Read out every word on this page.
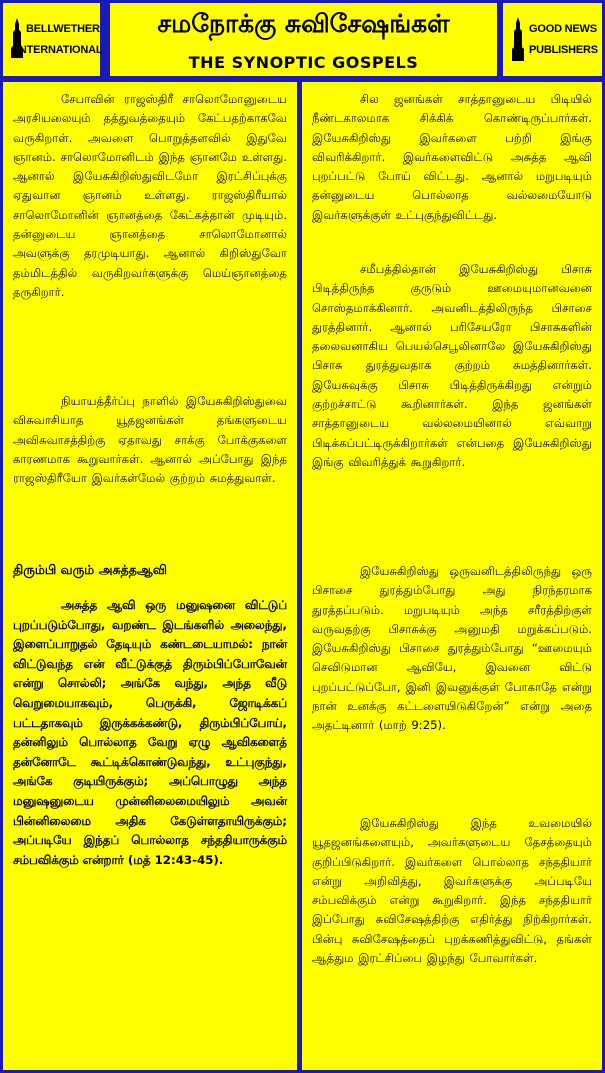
BELLWETHER
INTERNATIONAL
சமநோக்கு சுவிசேஷங்கள்
THE SYNOPTIC GOSPELS
GOOD NEWS
PUBLISHERS

சேபாவின் ராஜஸ்திரீ சாலொமோனுடைய அரசியலையும் தத்துவத்தையும் கேட்பதற்காகவே வருகிறாள். அவளை பொறுத்தளவில் இதுவே ஞானம். சாலொமோனிடம் இந்த ஞானமே உள்ளது. ஆனால் இயேசுகிறிஸ்துவிடமோ இரட்சிப்புக்கு ஏதுவான ஞானம் உள்ளது. ராஜஸ்திரீயால் சாலொமோனின் ஞானத்தை கேட்கத்தான் முடியும். தன்னுடைய ஞானத்தை சாலொமோனால் அவளுக்கு தரமுடியாது. ஆனால் கிறிஸ்துவோ தம்மிடத்தில் வருகிறவர்களுக்கு மெய்ஞானத்தை தருகிறார்.

நியாயத்தீர்ப்பு நாளில் இயேசுகிறிஸ்துவை விசுவாசியாத யூதஜனங்கள் தங்களுடைய அவிசுவாசத்திற்கு ஏதாவது சாக்கு போக்குகளை காரணமாக கூறுவார்கள். ஆனால் அப்போது இந்த ராஜஸ்திரீயோ இவர்கள்மேல் குற்றம் சுமத்துவாள்.

திரும்பி வரும் அசுத்தஆவி

அசுத்த ஆவி ஒரு மனுஷனை விட்டுப் புறப்படும்போது, வறண்ட இடங்களில் அலைந்து, இளைப்பாறுதல் தேடியும் கண்டடையாமல்: நான் விட்டுவந்த என் வீட்டுக்குத் திரும்பிப்போவேன் என்று சொல்லி; அங்கே வந்து, அந்த வீடு வெறுமையாகவும், பெருக்கி, ஜோடிக்கப் பட்டதாகவும் இருக்கக்கண்டு, திரும்பிப்போய், தன்னிலும் பொல்லாத வேறு ஏழு ஆவிகளைத் தன்னோடே கூட்டிக்கொண்டுவந்து, உட்புகுந்து, அங்கே குடியிருக்கும்; அப்பொழுது அந்த மனுஷனுடைய முன்னிலைமையிலும் அவன் பின்னிலைமை அதிக கேடுள்ளதாயிருக்கும்; அப்படியே இந்தப் பொல்லாத சந்ததியாருக்கும் சம்பவிக்கும் என்றார் (மத் 12:43-45).

சில ஜனங்கள் சாத்தானுடைய பிடியில் நீண்டகாலமாக சிக்கிக் கொண்டிருப்பார்கள். இயேசுகிறிஸ்து இவர்களை பற்றி இங்கு விவரிக்கிறார். இவர்களைவிட்டு அசுத்த ஆவி புறப்பட்டு போய் விட்டது. ஆனால் மறுபடியும் தன்னுடைய பொல்லாத வல்லமையோடு இவர்களுக்குள் உட்புகுந்துவிட்டது.

சமீபத்தில்தான் இயேசுகிறிஸ்து பிசாசு பிடித்திருந்த குருடும் ஊமையுமானவனை சொஸ்தமாக்கினார். அவனிடத்திலிருந்த பிசாசை துரத்தினார். ஆனால் பரிசேயரோ பிசாசுகளின் தலைவனாகிய பெயல்செபூலினாலே இயேசுகிறிஸ்து பிசாசு துரத்துவதாக குற்றம் சுமத்தினார்கள். இயேசுவுக்கு பிசாசு பிடித்திருக்கிறது என்றும் குற்றச்சாட்டு கூறினார்கள். இந்த ஜனங்கள் சாத்தானுடைய வல்லமையினால் எவ்வாறு பிடிக்கப்பட்டிருக்கிறார்கள் என்பதை இயேசுகிறிஸ்து இங்கு விவரித்துக் கூறுகிறார்.

இயேசுகிறிஸ்து ஒருவனிடத்திலிருந்து ஒரு பிசாசை துரத்தும்போது அது நிரந்தரமாக துரத்தப்படும். மறுபடியும் அந்த சரீரத்திற்குள் வருவதற்கு பிசாசுக்கு அனுமதி மறுக்கப்படும். இயேசுகிறிஸ்து பிசாசை துரத்தும்போது “ஊமையும் செவிடுமான ஆவியே, இவனை விட்டு புறப்பட்டுப்போ, இனி இவனுக்குள் போகாதே என்று நான் உனக்கு கட்டளையிடுகிறேன்” என்று அதை அதட்டினார் (மாற் 9:25).

இயேசுகிறிஸ்து இந்த உவமையில் யூதஜனங்களையும், அவர்களுடைய தேசத்தையும் குறிப்பிடுகிறார். இவர்களை பொல்லாத சந்ததியார் என்று அறிவித்து, இவர்களுக்கு அப்படியே சம்பவிக்கும் என்று கூறுகிறார். இந்த சந்ததியார் இப்போது சுவிசேஷத்திற்கு எதிர்த்து நிற்கிறார்கள். பின்பு சுவிசேஷத்தைப் புறக்கணித்துவிட்டு, தங்கள் ஆத்தும இரட்சிப்பை இழந்து போவார்கள்.
